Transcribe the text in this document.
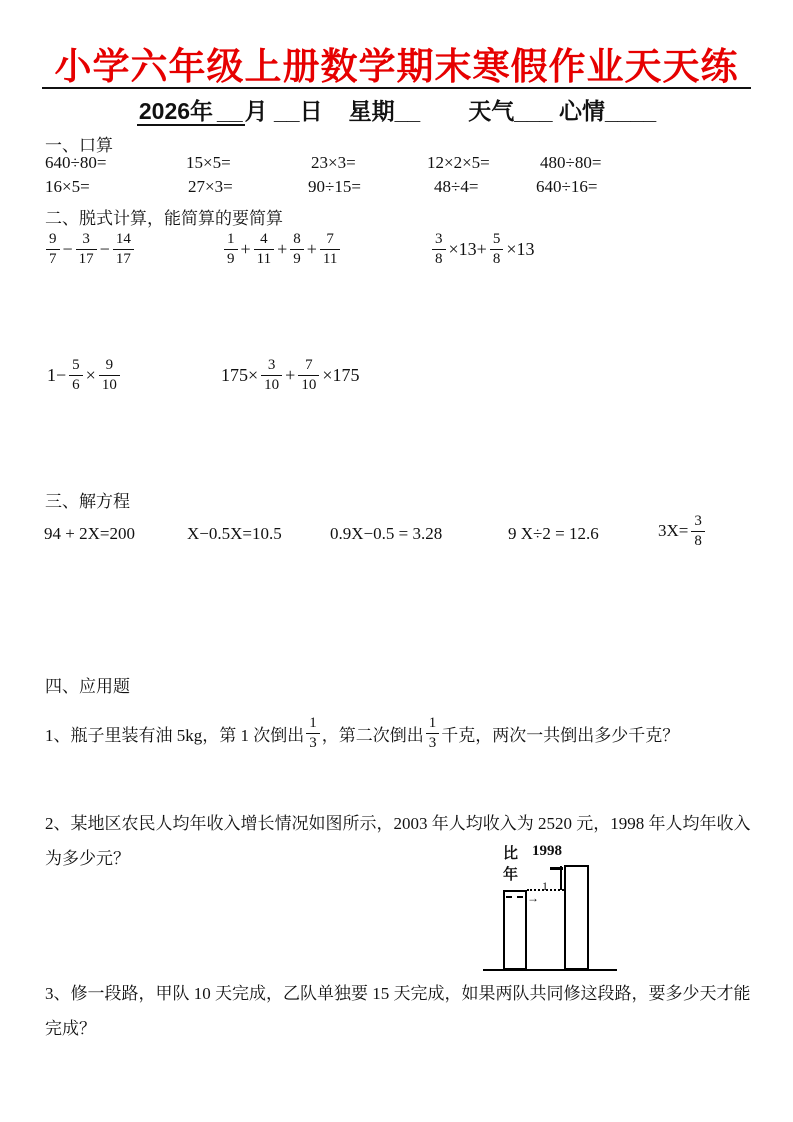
小学六年级上册数学期末寒假作业天天练
2026年 __月 __日 星期__ 天气___ 心情____
一、口算
640÷80=	15×5=	23×3=	12×2×5=	480÷80=
16×5=	27×3=	90÷15=	48÷4=	640÷16=
二、脱式计算，能简算的要简算
$\frac{9}{7} - \frac{3}{17} - \frac{14}{17}$	$\frac{1}{9} + \frac{4}{11} + \frac{8}{9} + \frac{7}{11}$	$\frac{3}{8} \times 13+ \frac{5}{8} \times 13$
$1- \frac{5}{6} \times \frac{9}{10}$	$175\times \frac{3}{10} + \frac{7}{10} \times 175$
三、解方程
94 + 2X=200	X−0.5X=10.5	0.9X−0.5 = 3.28	9 X÷2 = 12.6	$3X= \frac{3}{8}$
四、应用题
1、瓶子里装有油 5kg，第 1 次倒出 $\frac{1}{3}$ ，第二次倒出 $\frac{1}{3}$ 千克，两次一共倒出多少千克？
2、某地区农民人均年收入增长情况如图所示，2003 年人均收入为 2520 元，1998 年人均年收入为多少元？	比 1998
年
1
→
3、修一段路，甲队 10 天完成，乙队单独要 15 天完成，如果两队共同修这段路，要多少天才能完成？
